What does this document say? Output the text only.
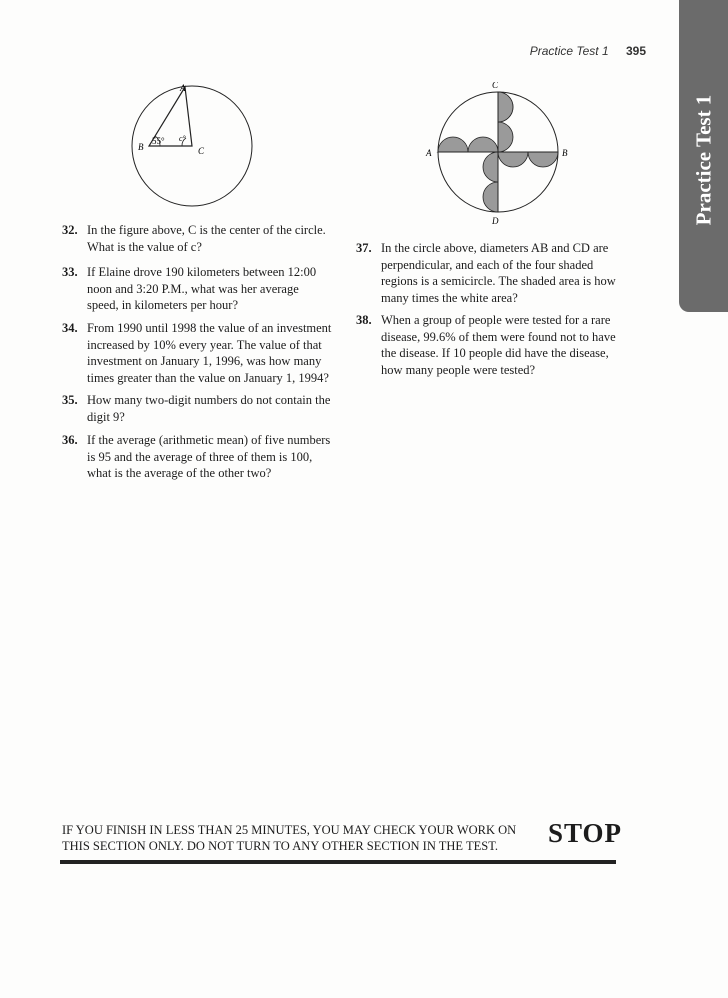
Practice Test 1 395
Practice Test 1
A
B	C
55° c°
C
A	B
D
32. In the figure above, C is the center of the circle. What is the value of c?
33. If Elaine drove 190 kilometers between 12:00 noon and 3:20 P.M., what was her average speed, in kilometers per hour?
34. From 1990 until 1998 the value of an investment increased by 10% every year. The value of that investment on January 1, 1996, was how many times greater than the value on January 1, 1994?
35. How many two-digit numbers do not contain the digit 9?
36. If the average (arithmetic mean) of five numbers is 95 and the average of three of them is 100, what is the average of the other two?
37. In the circle above, diameters AB and CD are perpendicular, and each of the four shaded regions is a semicircle. The shaded area is how many times the white area?
38. When a group of people were tested for a rare disease, 99.6% of them were found not to have the disease. If 10 people did have the disease, how many people were tested?
IF YOU FINISH IN LESS THAN 25 MINUTES, YOU MAY CHECK YOUR WORK ON THIS SECTION ONLY. DO NOT TURN TO ANY OTHER SECTION IN THE TEST.	STOP
